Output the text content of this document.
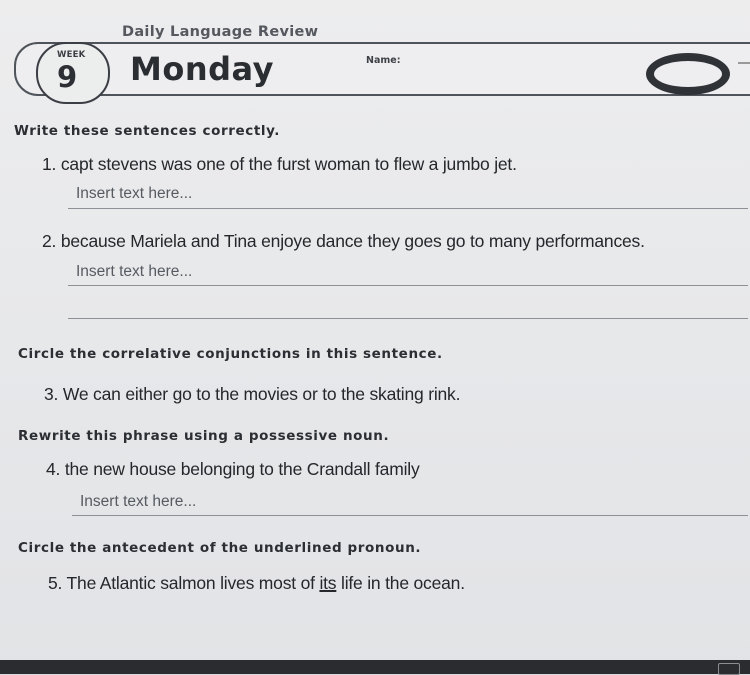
Daily Language Review
WEEK
9 Monday	Name:
Write these sentences correctly.
1. capt stevens was one of the furst woman to flew a jumbo jet.
Insert text here...
2. because Mariela and Tina enjoye dance they goes go to many performances.
Insert text here...
Circle the correlative conjunctions in this sentence.
3. We can either go to the movies or to the skating rink.
Rewrite this phrase using a possessive noun.
4. the new house belonging to the Crandall family
Insert text here...
Circle the antecedent of the underlined pronoun.
5. The Atlantic salmon lives most of its life in the ocean.
